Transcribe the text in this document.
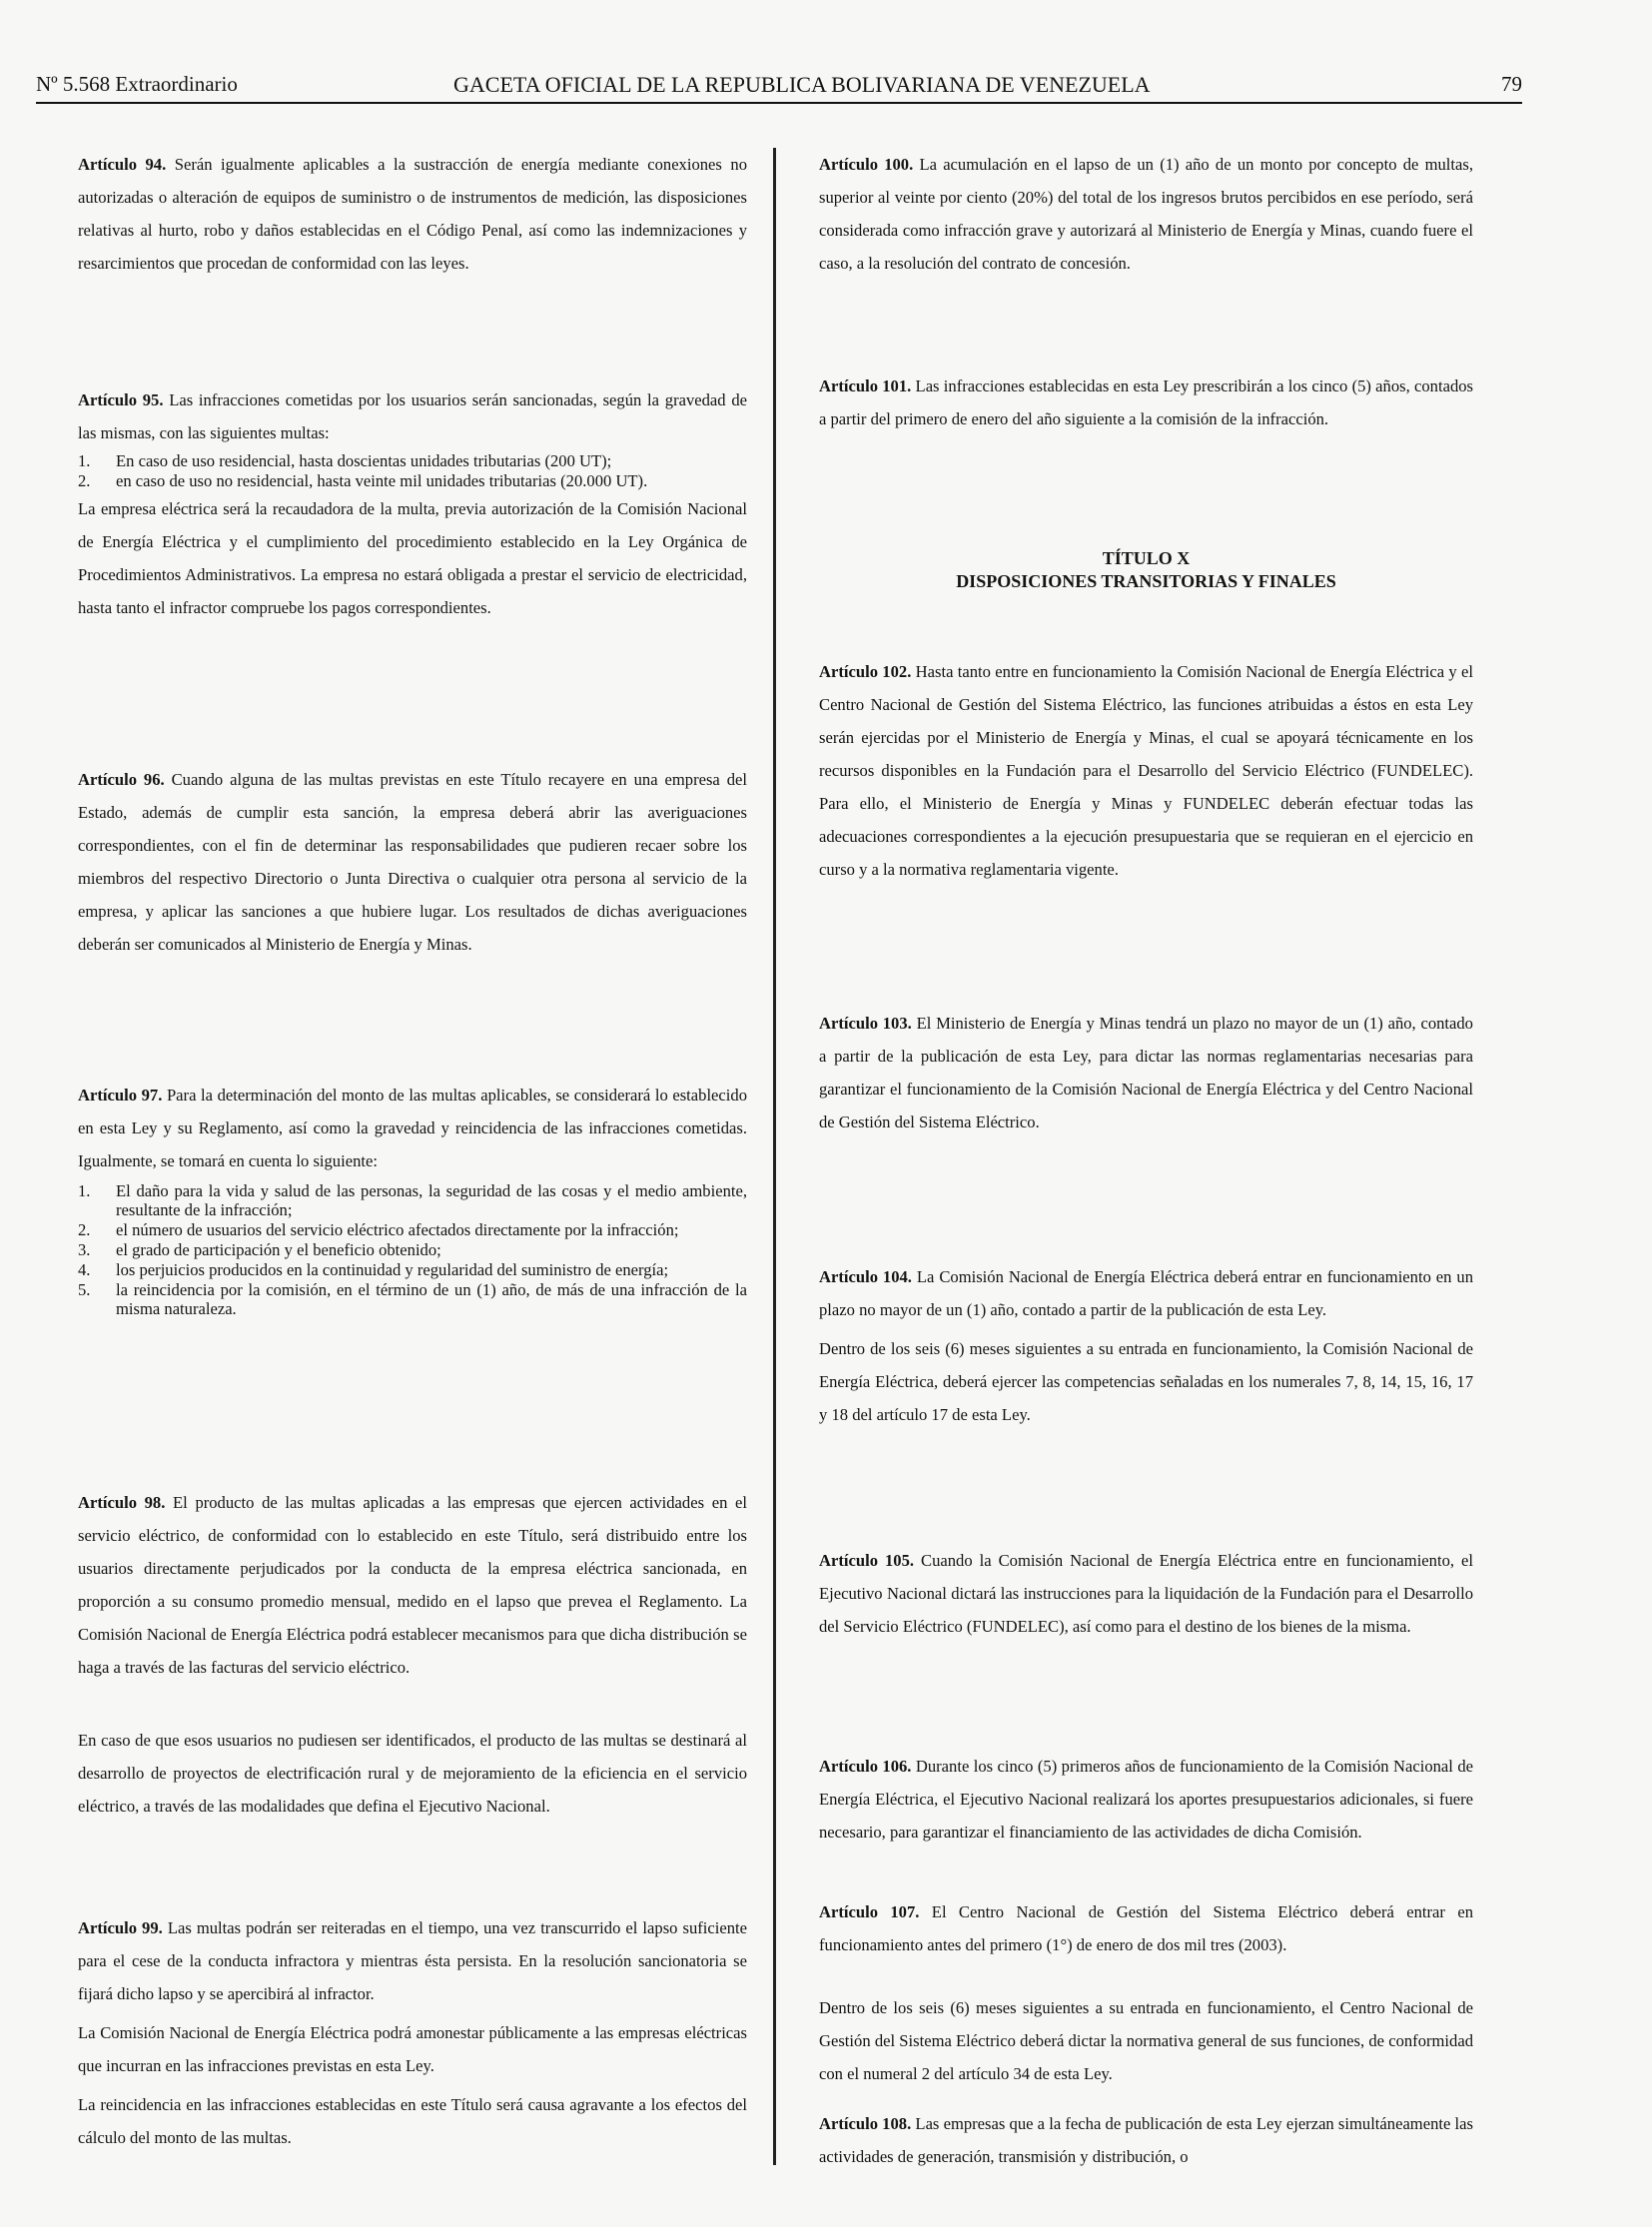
Nº 5.568 Extraordinario	GACETA OFICIAL DE LA REPUBLICA BOLIVARIANA DE VENEZUELA	79

Artículo 94. Serán igualmente aplicables a la sustracción de energía mediante conexiones no autorizadas o alteración de equipos de suministro o de instrumentos de medición, las disposiciones relativas al hurto, robo y daños establecidas en el Código Penal, así como las indemnizaciones y resarcimientos que procedan de conformidad con las leyes.

Artículo 95. Las infracciones cometidas por los usuarios serán sancionadas, según la gravedad de las mismas, con las siguientes multas:

1. En caso de uso residencial, hasta doscientas unidades tributarias (200 UT);
2. en caso de uso no residencial, hasta veinte mil unidades tributarias (20.000 UT).

La empresa eléctrica será la recaudadora de la multa, previa autorización de la Comisión Nacional de Energía Eléctrica y el cumplimiento del procedimiento establecido en la Ley Orgánica de Procedimientos Administrativos. La empresa no estará obligada a prestar el servicio de electricidad, hasta tanto el infractor compruebe los pagos correspondientes.

Artículo 96. Cuando alguna de las multas previstas en este Título recayere en una empresa del Estado, además de cumplir esta sanción, la empresa deberá abrir las averiguaciones correspondientes, con el fin de determinar las responsabilidades que pudieren recaer sobre los miembros del respectivo Directorio o Junta Directiva o cualquier otra persona al servicio de la empresa, y aplicar las sanciones a que hubiere lugar. Los resultados de dichas averiguaciones deberán ser comunicados al Ministerio de Energía y Minas.

Artículo 97. Para la determinación del monto de las multas aplicables, se considerará lo establecido en esta Ley y su Reglamento, así como la gravedad y reincidencia de las infracciones cometidas. Igualmente, se tomará en cuenta lo siguiente:

1. El daño para la vida y salud de las personas, la seguridad de las cosas y el medio ambiente, resultante de la infracción;
2. el número de usuarios del servicio eléctrico afectados directamente por la infracción;
3. el grado de participación y el beneficio obtenido;
4. los perjuicios producidos en la continuidad y regularidad del suministro de energía;
5. la reincidencia por la comisión, en el término de un (1) año, de más de una infracción de la misma naturaleza.

Artículo 98. El producto de las multas aplicadas a las empresas que ejercen actividades en el servicio eléctrico, de conformidad con lo establecido en este Título, será distribuido entre los usuarios directamente perjudicados por la conducta de la empresa eléctrica sancionada, en proporción a su consumo promedio mensual, medido en el lapso que prevea el Reglamento. La Comisión Nacional de Energía Eléctrica podrá establecer mecanismos para que dicha distribución se haga a través de las facturas del servicio eléctrico.

En caso de que esos usuarios no pudiesen ser identificados, el producto de las multas se destinará al desarrollo de proyectos de electrificación rural y de mejoramiento de la eficiencia en el servicio eléctrico, a través de las modalidades que defina el Ejecutivo Nacional.

Artículo 99. Las multas podrán ser reiteradas en el tiempo, una vez transcurrido el lapso suficiente para el cese de la conducta infractora y mientras ésta persista. En la resolución sancionatoria se fijará dicho lapso y se apercibirá al infractor.

La Comisión Nacional de Energía Eléctrica podrá amonestar públicamente a las empresas eléctricas que incurran en las infracciones previstas en esta Ley.

La reincidencia en las infracciones establecidas en este Título será causa agravante a los efectos del cálculo del monto de las multas.

Artículo 100. La acumulación en el lapso de un (1) año de un monto por concepto de multas, superior al veinte por ciento (20%) del total de los ingresos brutos percibidos en ese período, será considerada como infracción grave y autorizará al Ministerio de Energía y Minas, cuando fuere el caso, a la resolución del contrato de concesión.

Artículo 101. Las infracciones establecidas en esta Ley prescribirán a los cinco (5) años, contados a partir del primero de enero del año siguiente a la comisión de la infracción.

TÍTULO X
DISPOSICIONES TRANSITORIAS Y FINALES

Artículo 102. Hasta tanto entre en funcionamiento la Comisión Nacional de Energía Eléctrica y el Centro Nacional de Gestión del Sistema Eléctrico, las funciones atribuidas a éstos en esta Ley serán ejercidas por el Ministerio de Energía y Minas, el cual se apoyará técnicamente en los recursos disponibles en la Fundación para el Desarrollo del Servicio Eléctrico (FUNDELEC). Para ello, el Ministerio de Energía y Minas y FUNDELEC deberán efectuar todas las adecuaciones correspondientes a la ejecución presupuestaria que se requieran en el ejercicio en curso y a la normativa reglamentaria vigente.

Artículo 103. El Ministerio de Energía y Minas tendrá un plazo no mayor de un (1) año, contado a partir de la publicación de esta Ley, para dictar las normas reglamentarias necesarias para garantizar el funcionamiento de la Comisión Nacional de Energía Eléctrica y del Centro Nacional de Gestión del Sistema Eléctrico.

Artículo 104. La Comisión Nacional de Energía Eléctrica deberá entrar en funcionamiento en un plazo no mayor de un (1) año, contado a partir de la publicación de esta Ley.

Dentro de los seis (6) meses siguientes a su entrada en funcionamiento, la Comisión Nacional de Energía Eléctrica, deberá ejercer las competencias señaladas en los numerales 7, 8, 14, 15, 16, 17 y 18 del artículo 17 de esta Ley.

Artículo 105. Cuando la Comisión Nacional de Energía Eléctrica entre en funcionamiento, el Ejecutivo Nacional dictará las instrucciones para la liquidación de la Fundación para el Desarrollo del Servicio Eléctrico (FUNDELEC), así como para el destino de los bienes de la misma.

Artículo 106. Durante los cinco (5) primeros años de funcionamiento de la Comisión Nacional de Energía Eléctrica, el Ejecutivo Nacional realizará los aportes presupuestarios adicionales, si fuere necesario, para garantizar el financiamiento de las actividades de dicha Comisión.

Artículo 107. El Centro Nacional de Gestión del Sistema Eléctrico deberá entrar en funcionamiento antes del primero (1°) de enero de dos mil tres (2003).

Dentro de los seis (6) meses siguientes a su entrada en funcionamiento, el Centro Nacional de Gestión del Sistema Eléctrico deberá dictar la normativa general de sus funciones, de conformidad con el numeral 2 del artículo 34 de esta Ley.

Artículo 108. Las empresas que a la fecha de publicación de esta Ley ejerzan simultáneamente las actividades de generación, transmisión y distribución, o
